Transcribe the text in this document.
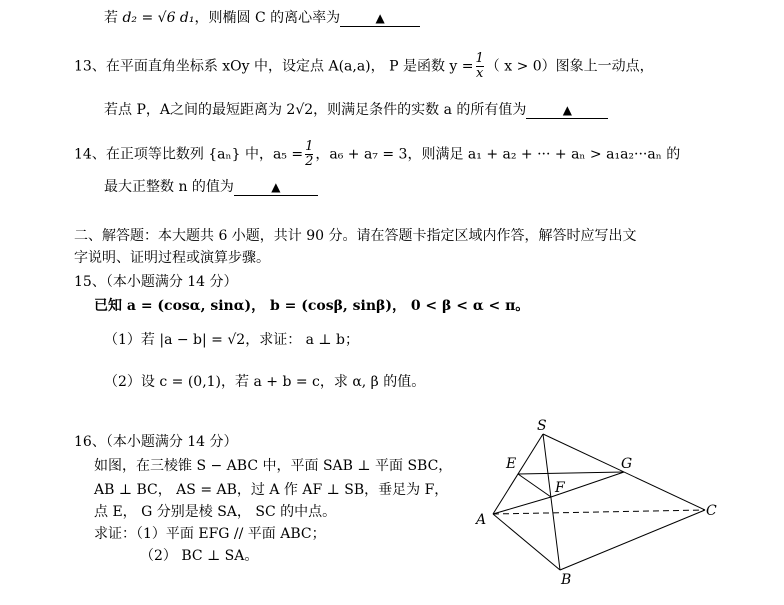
若 d₂ = √6 d₁，则椭圆 C 的离心率为	▲
13、在平面直角坐标系 xOy 中，设定点 A(a,a)， P 是函数 $y = \frac{1}{x}$ （ x > 0）图象上一动点，
若点 P，A之间的最短距离为 2√2，则满足条件的实数 a 的所有值为	▲
14、在正项等比数列 {aₙ} 中，$a_5 = \frac{1}{2}$ ，a₆ + a₇ = 3，则满足 a₁ + a₂ + ··· + aₙ > a₁a₂···aₙ 的
最大正整数 n 的值为	▲
二、解答题：本大题共 6 小题，共计 90 分。请在答题卡指定区域内作答，解答时应写出文
字说明、证明过程或演算步骤。
15、（本小题满分 14 分）
已知 a = (cosα, sinα)， b = (cosβ, sinβ)， 0 < β < α < π。
（1）若 |a − b| = √2，求证： a ⊥ b；
（2）设 c = (0,1)，若 a + b = c，求 α, β 的值。
16、（本小题满分 14 分）
如图，在三棱锥 S − ABC 中，平面 SAB ⊥ 平面 SBC，
AB ⊥ BC， AS = AB，过 A 作 AF ⊥ SB，垂足为 F，
点 E， G 分别是棱 SA， SC 的中点。
求证：（1）平面 EFG // 平面 ABC；
（2） BC ⊥ SA。
S
E	G
F
A
C
B
